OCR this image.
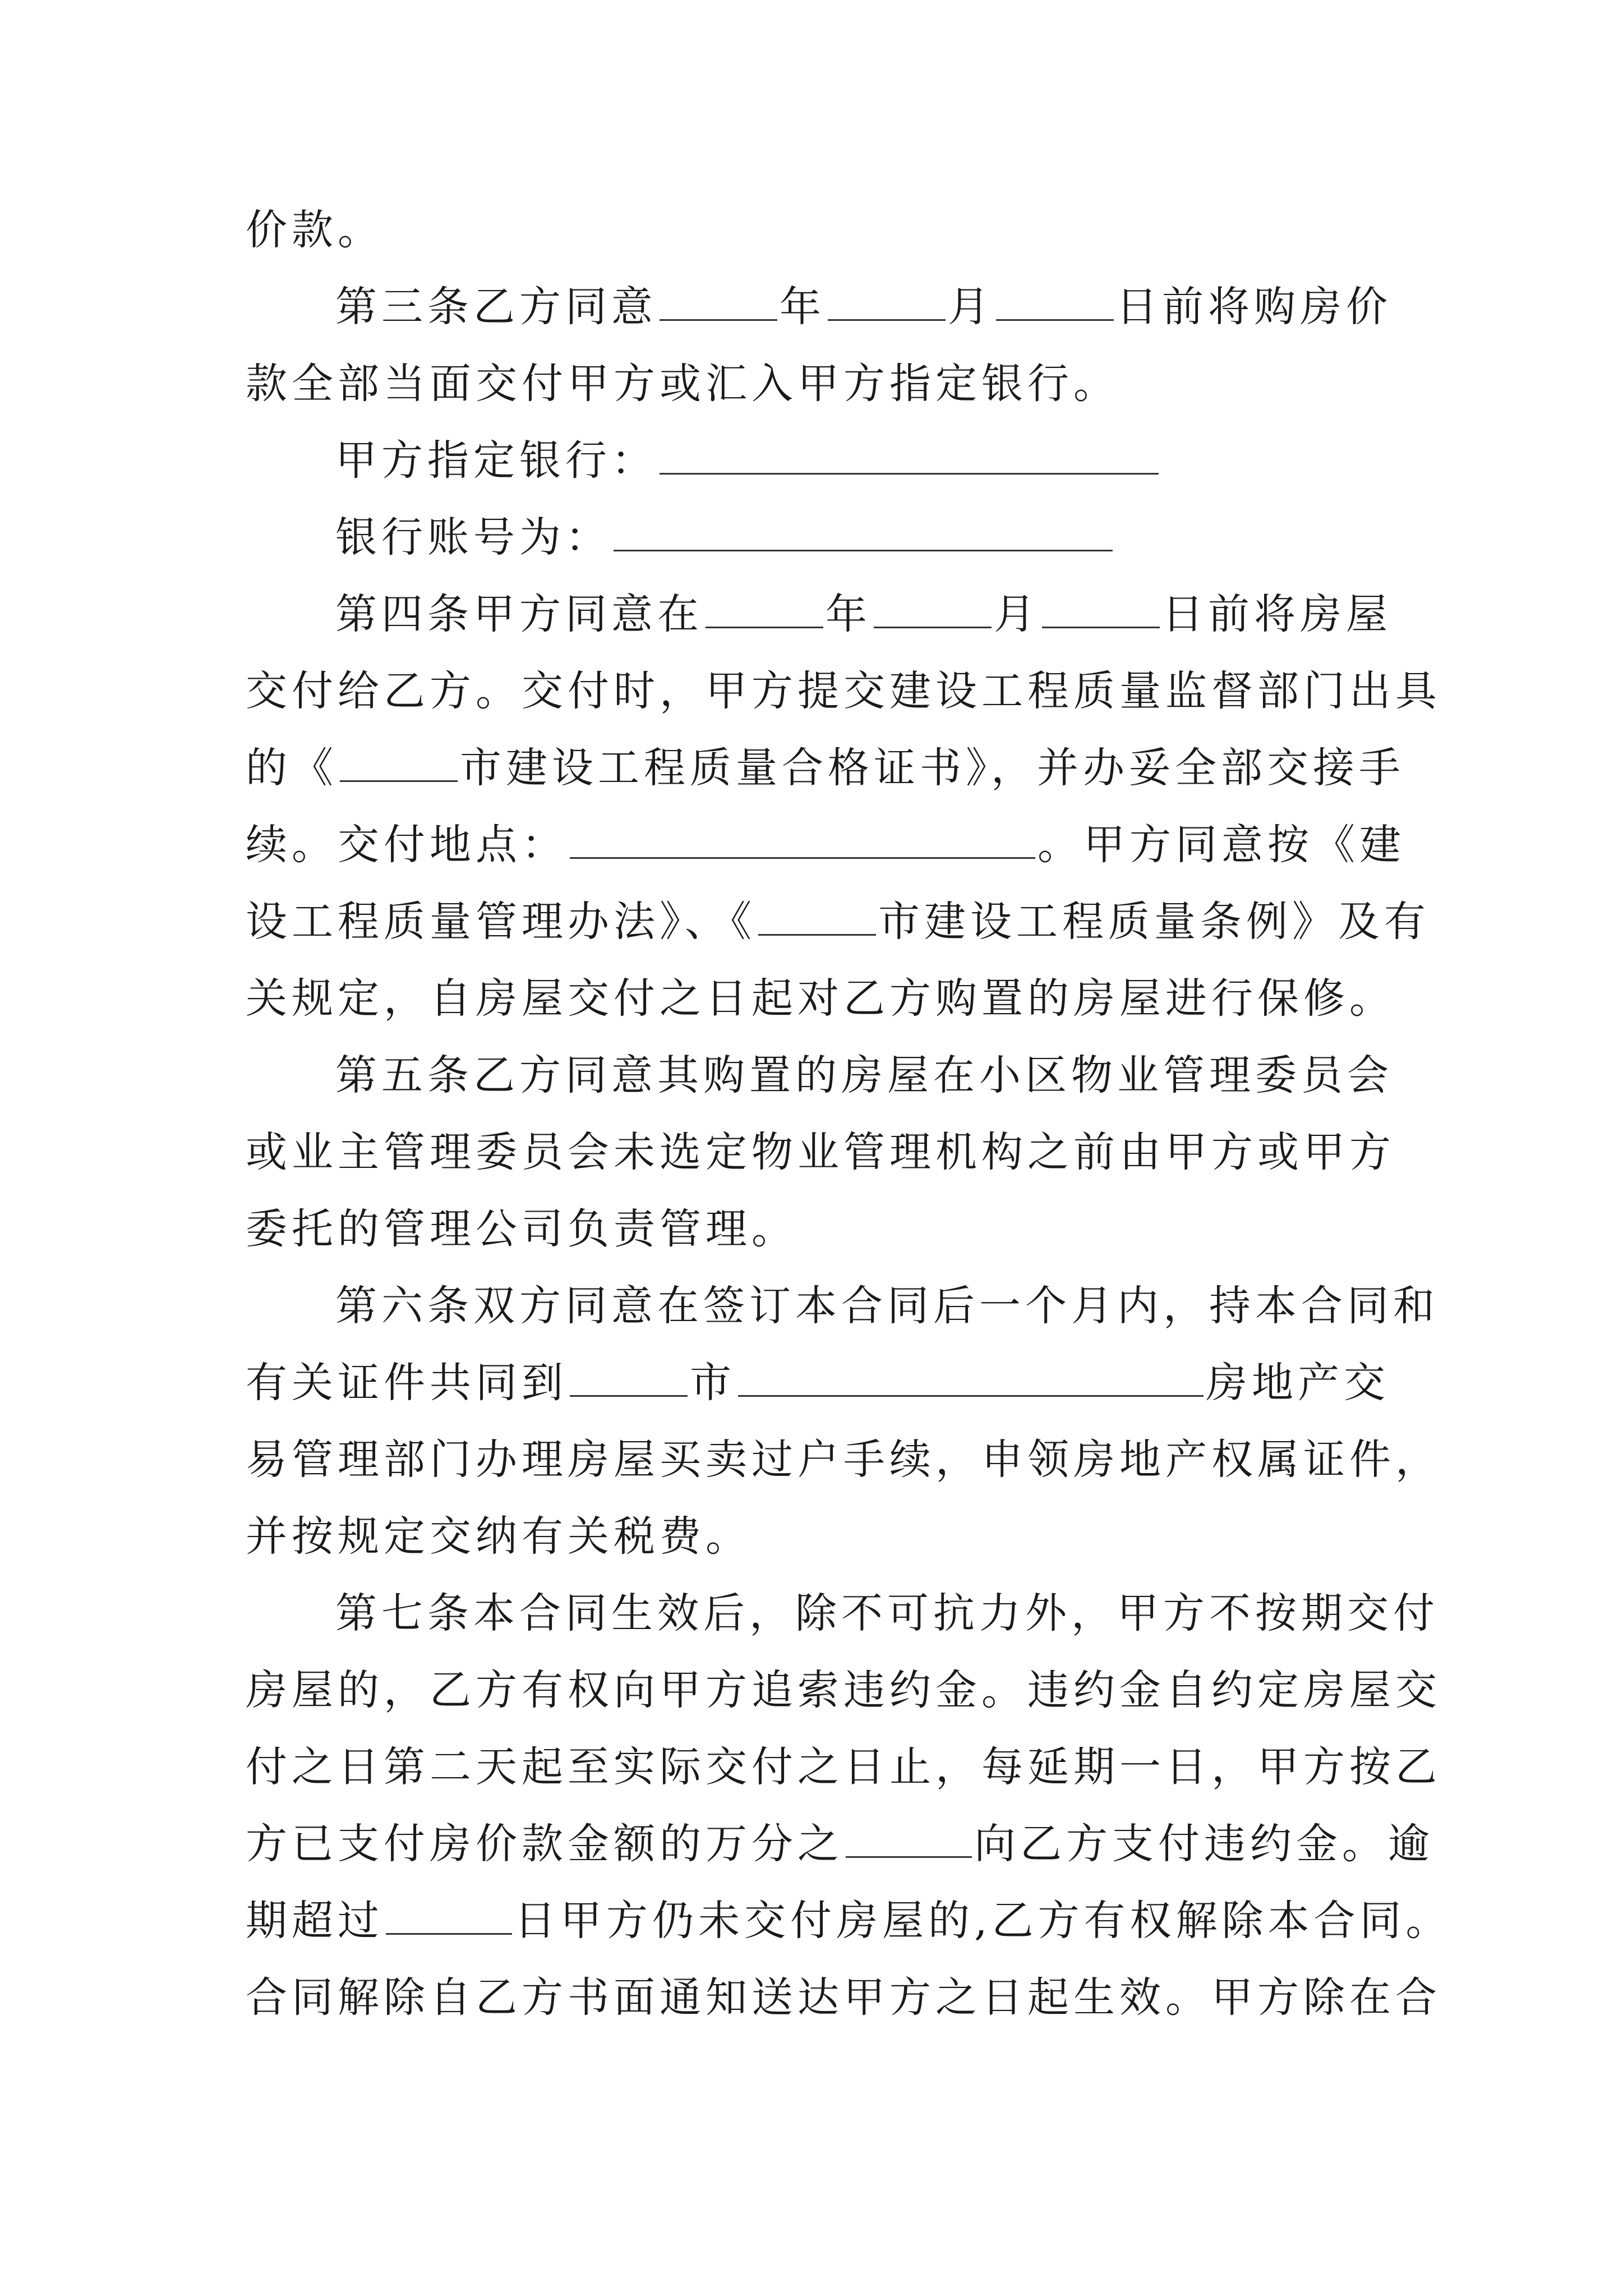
价款。
第三条乙方同意	年	月	日前将购房价
款全部当面交付甲方或汇入甲方指定银行。
甲方指定银行：
银行账号为：
第四条甲方同意在	年	月	日前将房屋
交付给乙方。交付时，甲方提交建设工程质量监督部门出具
的《	市建设工程质量合格证书》，并办妥全部交接手
续。交付地点：	。甲方同意按《建
设工程质量管理办法》、《	市建设工程质量条例》及有
关规定，自房屋交付之日起对乙方购置的房屋进行保修。
第五条乙方同意其购置的房屋在小区物业管理委员会
或业主管理委员会未选定物业管理机构之前由甲方或甲方
委托的管理公司负责管理。
第六条双方同意在签订本合同后一个月内，持本合同和
有关证件共同到	市	房地产交
易管理部门办理房屋买卖过户手续，申领房地产权属证件，
并按规定交纳有关税费。
第七条本合同生效后，除不可抗力外，甲方不按期交付
房屋的，乙方有权向甲方追索违约金。违约金自约定房屋交
付之日第二天起至实际交付之日止，每延期一日，甲方按乙
方已支付房价款金额的万分之	向乙方支付违约金。逾
期超过	日甲方仍未交付房屋的,乙方有权解除本合同。
合同解除自乙方书面通知送达甲方之日起生效。甲方除在合
